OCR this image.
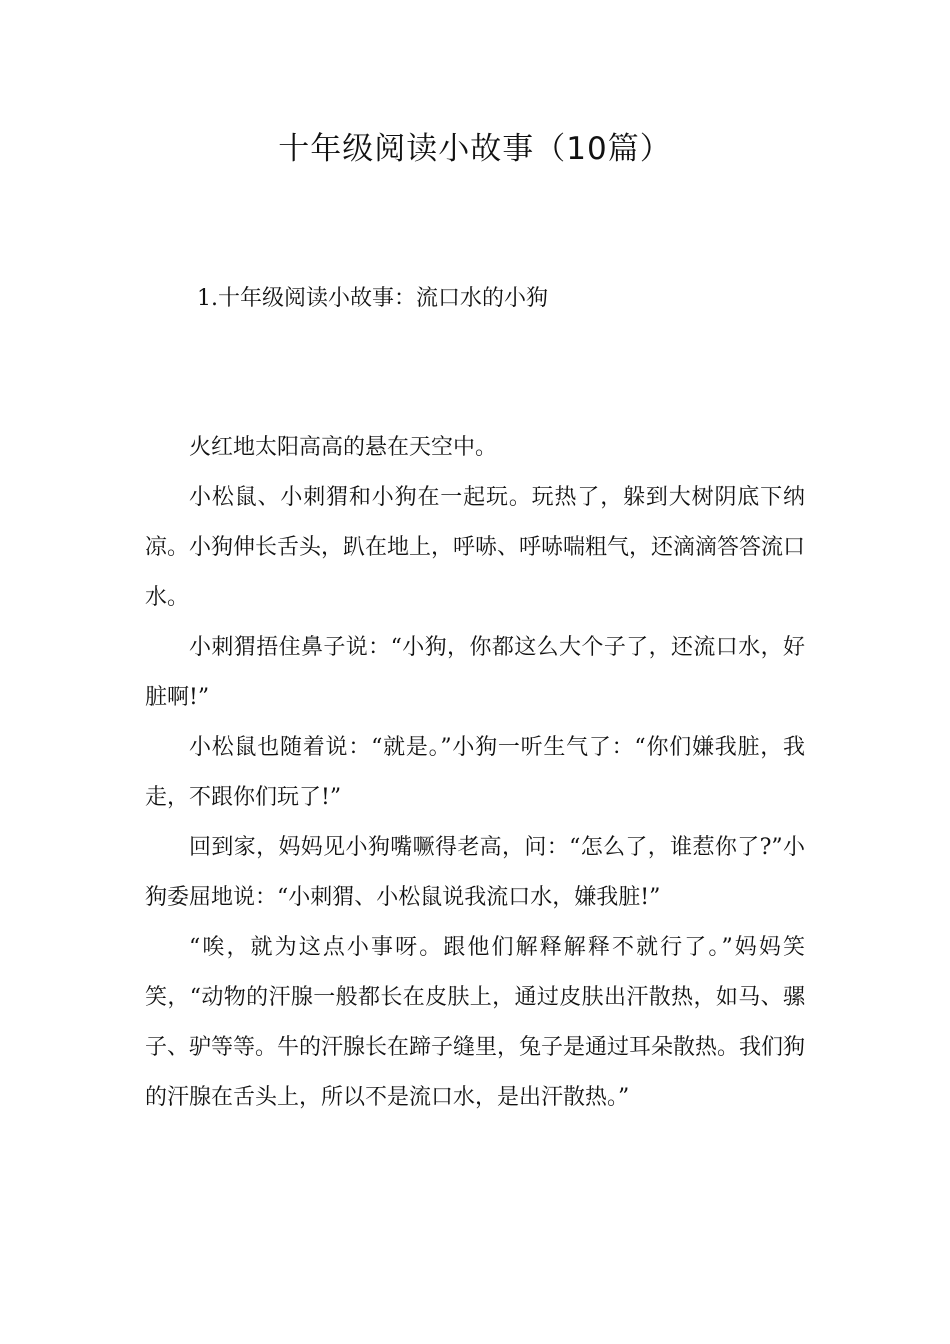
十年级阅读小故事（10篇）
1.十年级阅读小故事：流口水的小狗

火红地太阳高高的悬在天空中。

小松鼠、小刺猬和小狗在一起玩。玩热了，躲到大树阴底下纳凉。小狗伸长舌头，趴在地上，呼哧、呼哧喘粗气，还滴滴答答流口水。

小刺猬捂住鼻子说：“小狗，你都这么大个子了，还流口水，好脏啊!”

小松鼠也随着说：“就是。”小狗一听生气了：“你们嫌我脏，我走，不跟你们玩了!”

回到家，妈妈见小狗嘴噘得老高，问：“怎么了，谁惹你了?”小狗委屈地说：“小刺猬、小松鼠说我流口水，嫌我脏!”

“唉，就为这点小事呀。跟他们解释解释不就行了。”妈妈笑笑，“动物的汗腺一般都长在皮肤上，通过皮肤出汗散热，如马、骡子、驴等等。牛的汗腺长在蹄子缝里，兔子是通过耳朵散热。我们狗的汗腺在舌头上，所以不是流口水，是出汗散热。”
